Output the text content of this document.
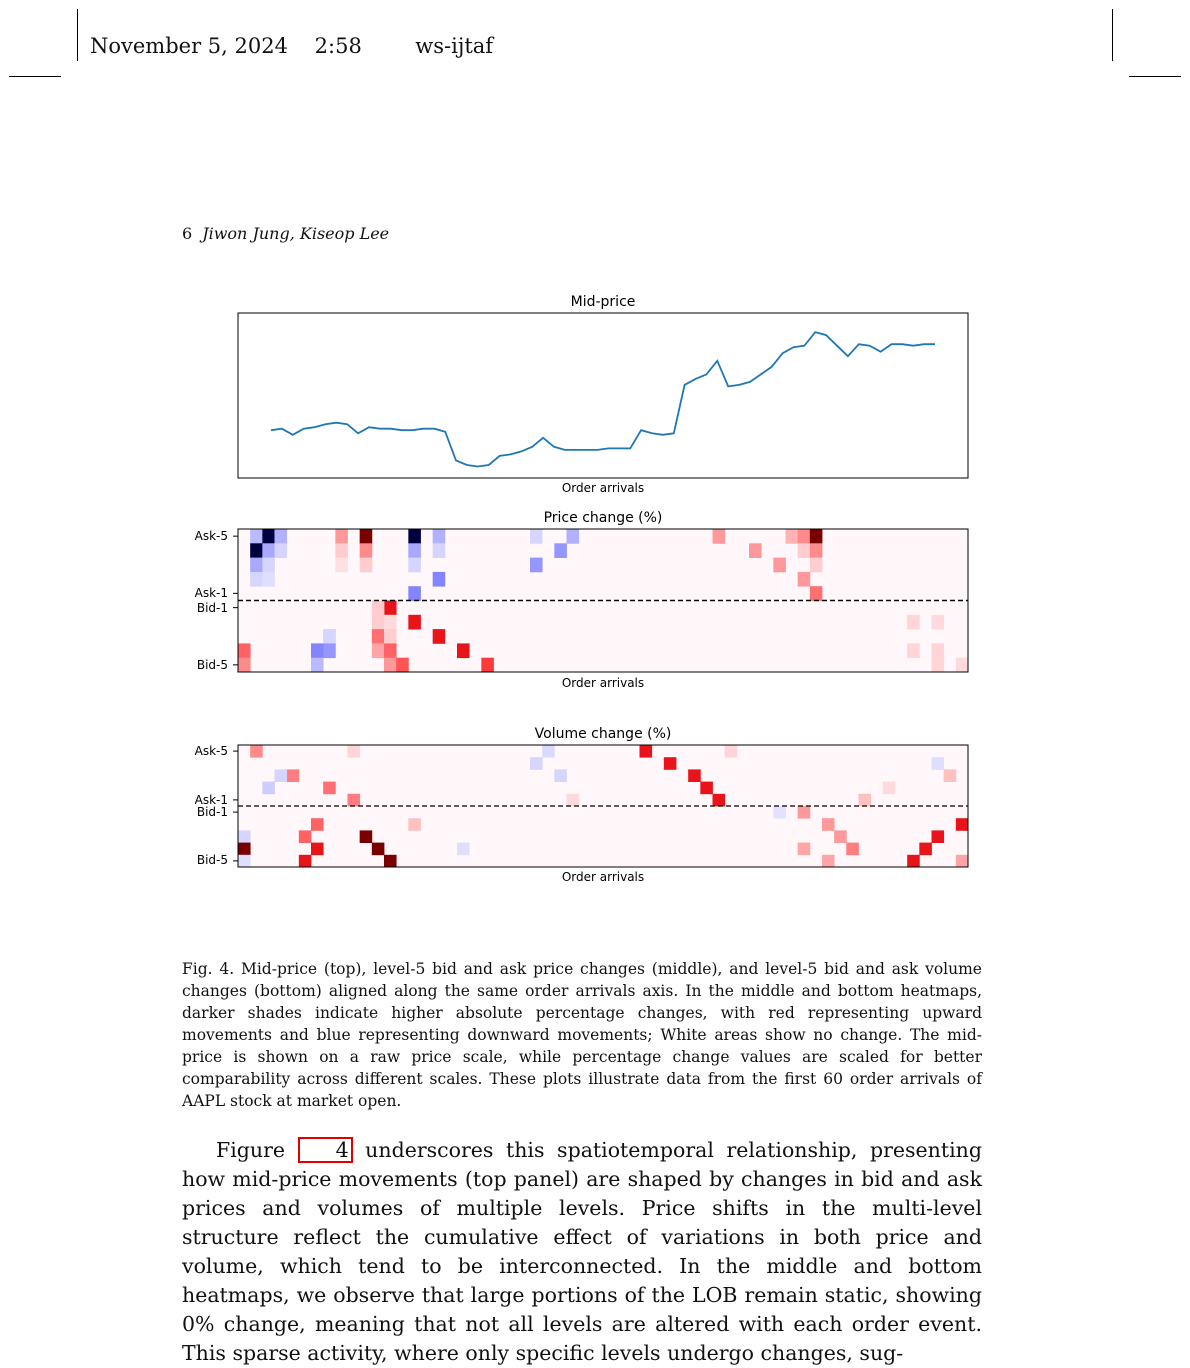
November 5, 2024 2:58	ws-ijtaf
6 Jiwon Jung, Kiseop Lee
Mid-price
Order arrivals
Price change (%)
Ask-5
Ask-1
Bid-1
Bid-5
Order arrivals
Volume change (%)
Ask-5
Ask-1
Bid-1
Bid-5
Order arrivals
Fig. 4. Mid-price (top), level-5 bid and ask price changes (middle), and level-5 bid and ask volume changes (bottom) aligned along the same order arrivals axis. In the middle and bottom heatmaps, darker shades indicate higher absolute percentage changes, with red representing upward movements and blue representing downward movements; White areas show no change. The mid-price is shown on a raw price scale, while percentage change values are scaled for better comparability across different scales. These plots illustrate data from the first 60 order arrivals of AAPL stock at market open.

Figure 4 underscores this spatiotemporal relationship, presenting how mid-price movements (top panel) are shaped by changes in bid and ask prices and volumes of multiple levels. Price shifts in the multi-level structure reflect the cumulative effect of variations in both price and volume, which tend to be interconnected. In the middle and bottom heatmaps, we observe that large portions of the LOB remain static, showing 0% change, meaning that not all levels are altered with each order event. This sparse activity, where only specific levels undergo changes, sug-
